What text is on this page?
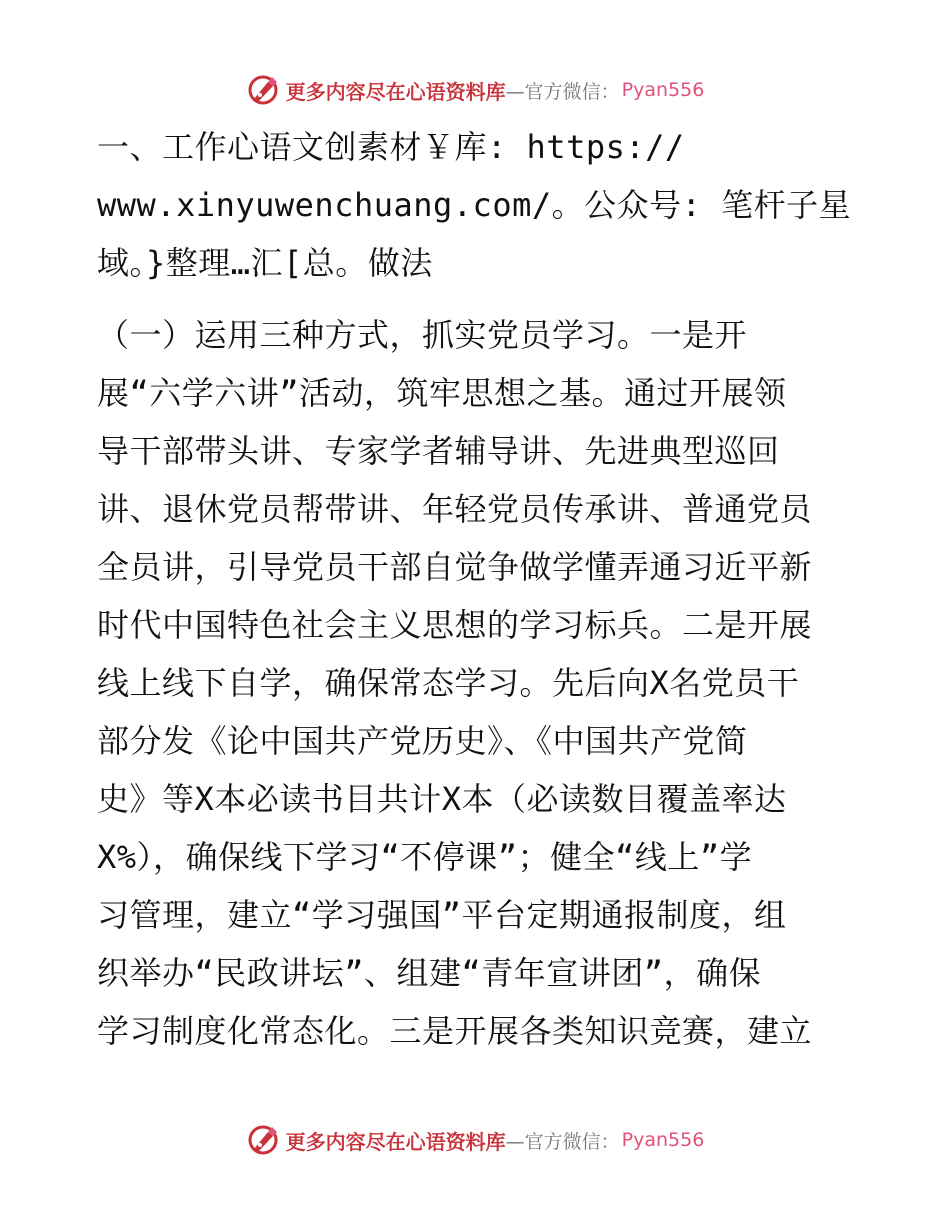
更多内容尽在心语资料库 —官方微信： Pyan556
一、工作心语文创素材￥库: https://
www.xinyuwenchuang.com/。公众号: 笔杆子星
域。}整理…汇[总。做法
（一）运用三种方式，抓实党员学习。一是开
展“六学六讲”活动，筑牢思想之基。通过开展领
导干部带头讲、专家学者辅导讲、先进典型巡回
讲、退休党员帮带讲、年轻党员传承讲、普通党员
全员讲，引导党员干部自觉争做学懂弄通习近平新
时代中国特色社会主义思想的学习标兵。二是开展
线上线下自学，确保常态学习。先后向X名党员干
部分发《论中国共产党历史》、《中国共产党简
史》等X本必读书目共计X本（必读数目覆盖率达
X%），确保线下学习“不停课”；健全“线上”学
习管理，建立“学习强国”平台定期通报制度，组
织举办“民政讲坛”、组建“青年宣讲团”，确保
学习制度化常态化。三是开展各类知识竞赛，建立
更多内容尽在心语资料库 —官方微信： Pyan556
